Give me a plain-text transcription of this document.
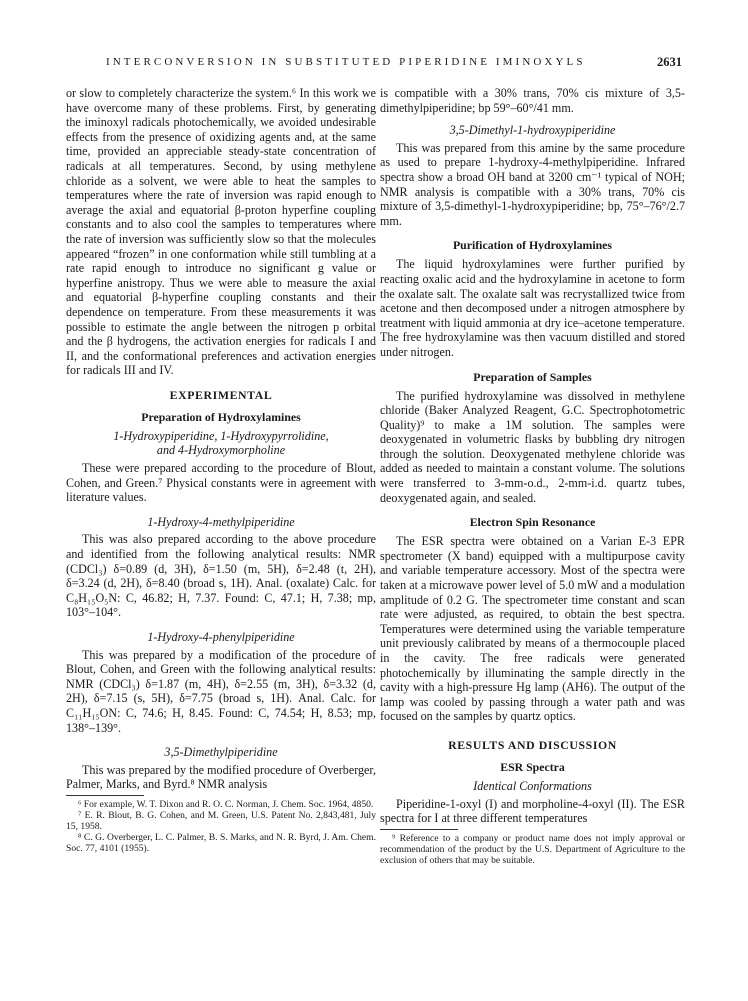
INTERCONVERSION IN SUBSTITUTED PIPERIDINE IMINOXYLS	2631

or slow to completely characterize the system.⁶ In this work we have overcome many of these problems. First, by generating the iminoxyl radicals photochemically, we avoided undesirable effects from the presence of oxidizing agents and, at the same time, provided an appreciable steady-state concentration of radicals at all temperatures. Second, by using methylene chloride as a solvent, we were able to heat the samples to temperatures where the rate of inversion was rapid enough to average the axial and equatorial β-proton hyperfine coupling constants and to also cool the samples to temperatures where the rate of inversion was sufficiently slow so that the molecules appeared “frozen” in one conformation while still tumbling at a rate rapid enough to introduce no significant g value or hyperfine anistropy. Thus we were able to measure the axial and equatorial β-hyperfine coupling constants and their dependence on temperature. From these measurements it was possible to estimate the angle between the nitrogen p orbital and the β hydrogens, the activation energies for radicals I and II, and the conformational preferences and activation energies for radicals III and IV.

EXPERIMENTAL
Preparation of Hydroxylamines
1-Hydroxypiperidine, 1-Hydroxypyrrolidine,
and 4-Hydroxymorpholine

These were prepared according to the procedure of Blout, Cohen, and Green.⁷ Physical constants were in agreement with literature values.

1-Hydroxy-4-methylpiperidine

This was also prepared according to the above procedure and identified from the following analytical results: NMR (CDCl₃) δ=0.89 (d, 3H), δ=1.50 (m, 5H), δ=2.48 (t, 2H), δ=3.24 (d, 2H), δ=8.40 (broad s, 1H). Anal. (oxalate) Calc. for C₈H₁₅O₅N: C, 46.82; H, 7.37. Found: C, 47.1; H, 7.38; mp, 103°–104°.

1-Hydroxy-4-phenylpiperidine

This was prepared by a modification of the procedure of Blout, Cohen, and Green with the following analytical results: NMR (CDCl₃) δ=1.87 (m, 4H), δ=2.55 (m, 3H), δ=3.32 (d, 2H), δ=7.15 (s, 5H), δ=7.75 (broad s, 1H). Anal. Calc. for C₁₁H₁₅ON: C, 74.6; H, 8.45. Found: C, 74.54; H, 8.53; mp, 138°–139°.

3,5-Dimethylpiperidine

This was prepared by the modified procedure of Overberger, Palmer, Marks, and Byrd.⁸ NMR analysis

⁶ For example, W. T. Dixon and R. O. C. Norman, J. Chem. Soc. 1964, 4850.

⁷ E. R. Blout, B. G. Cohen, and M. Green, U.S. Patent No. 2,843,481, July 15, 1958.

⁸ C. G. Overberger, L. C. Palmer, B. S. Marks, and N. R. Byrd, J. Am. Chem. Soc. 77, 4101 (1955).

is compatible with a 30% trans, 70% cis mixture of 3,5-dimethylpiperidine; bp 59°–60°/41 mm.

3,5-Dimethyl-1-hydroxypiperidine

This was prepared from this amine by the same procedure as used to prepare 1-hydroxy-4-methylpiperidine. Infrared spectra show a broad OH band at 3200 cm⁻¹ typical of NOH; NMR analysis is compatible with a 30% trans, 70% cis mixture of 3,5-dimethyl-1-hydroxypiperidine; bp, 75°–76°/2.7 mm.

Purification of Hydroxylamines

The liquid hydroxylamines were further purified by reacting oxalic acid and the hydroxylamine in acetone to form the oxalate salt. The oxalate salt was recrystallized twice from acetone and then decomposed under a nitrogen atmosphere by treatment with liquid ammonia at dry ice–acetone temperature. The free hydroxylamine was then vacuum distilled and stored under nitrogen.

Preparation of Samples

The purified hydroxylamine was dissolved in methylene chloride (Baker Analyzed Reagent, G.C. Spectrophotometric Quality)⁹ to make a 1M solution. The samples were deoxygenated in volumetric flasks by bubbling dry nitrogen through the solution. Deoxygenated methylene chloride was added as needed to maintain a constant volume. The solutions were transferred to 3-mm-o.d., 2-mm-i.d. quartz tubes, deoxygenated again, and sealed.

Electron Spin Resonance

The ESR spectra were obtained on a Varian E-3 EPR spectrometer (X band) equipped with a multipurpose cavity and variable temperature accessory. Most of the spectra were taken at a microwave power level of 5.0 mW and a modulation amplitude of 0.2 G. The spectrometer time constant and scan rate were adjusted, as required, to obtain the best spectra. Temperatures were determined using the variable temperature unit previously calibrated by means of a thermocouple placed in the cavity. The free radicals were generated photochemically by illuminating the sample directly in the cavity with a high-pressure Hg lamp (AH6). The output of the lamp was cooled by passing through a water path and was focused on the samples by quartz optics.

RESULTS AND DISCUSSION
ESR Spectra
Identical Conformations

Piperidine-1-oxyl (I) and morpholine-4-oxyl (II). The ESR spectra for I at three different temperatures

⁹ Reference to a company or product name does not imply approval or recommendation of the product by the U.S. Department of Agriculture to the exclusion of others that may be suitable.
